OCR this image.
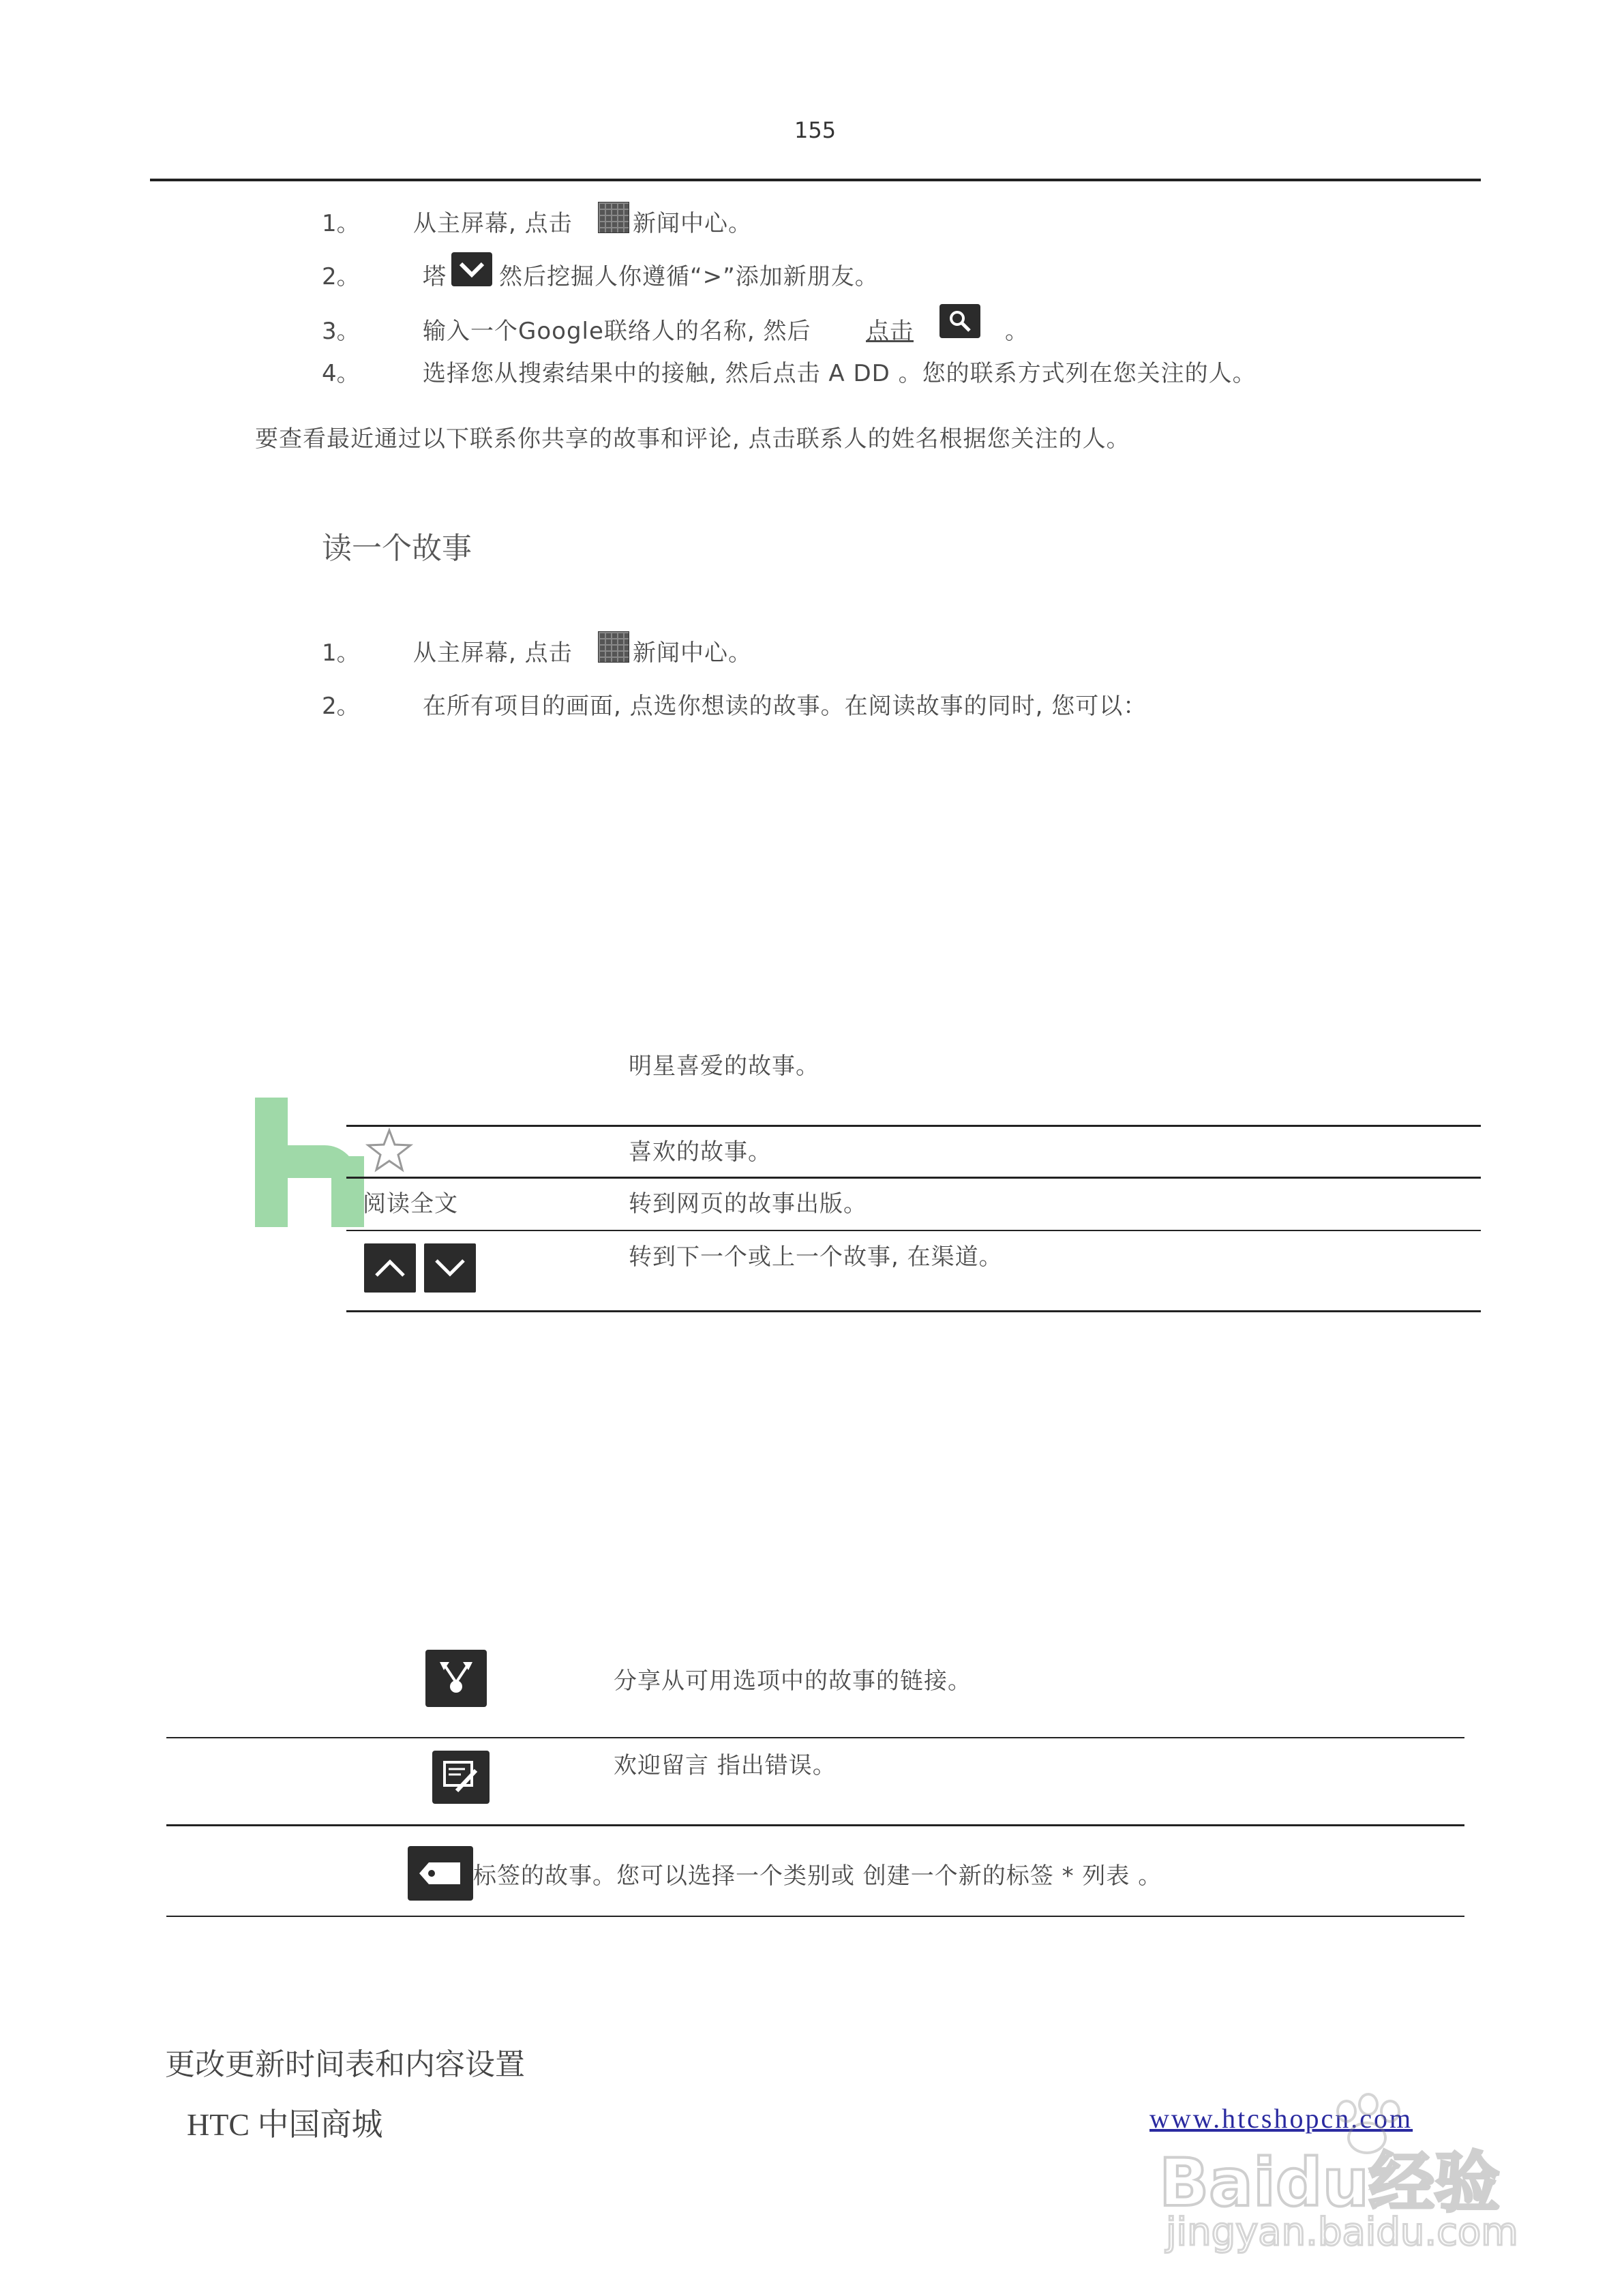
155
1。 从主屏幕, 点击	新闻中心。
2。	塔 然后挖掘人你遵循“>”添加新朋友。
3。	输入一个Google联络人的名称, 然后 点击	。
4。	选择您从搜索结果中的接触, 然后点击 A DD 。您的联系方式列在您关注的人。
要查看最近通过以下联系你共享的故事和评论, 点击联系人的姓名根据您关注的人。
读一个故事
1。 从主屏幕, 点击	新闻中心。
2。	在所有项目的画面, 点选你想读的故事。在阅读故事的同时, 您可以：
明星喜爱的故事。
喜欢的故事。
阅读全文	转到网页的故事出版。
转到下一个或上一个故事, 在渠道。
分享从可用选项中的故事的链接。
欢迎留言 指出错误。
标签的故事。您可以选择一个类别或 创建一个新的标签 * 列表 。
更改更新时间表和内容设置
HTC 中国商城	www.htcshopcn.com
Baidu经验
jingyan.baidu.com
